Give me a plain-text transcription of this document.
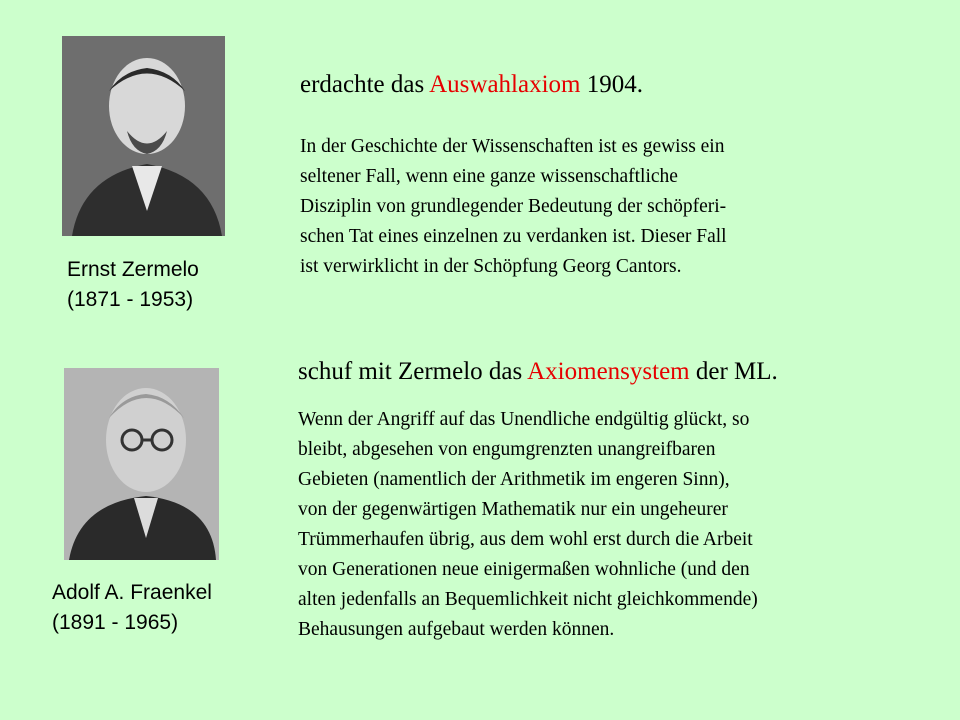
Ernst Zermelo
(1871 - 1953)
erdachte das Auswahlaxiom 1904.
In der Geschichte der Wissenschaften ist es gewiss ein
seltener Fall, wenn eine ganze wissenschaftliche
Disziplin von grundlegender Bedeutung der schöpferi-
schen Tat eines einzelnen zu verdanken ist. Dieser Fall
ist verwirklicht in der Schöpfung Georg Cantors.
Adolf A. Fraenkel
(1891 - 1965)
schuf mit Zermelo das Axiomensystem der ML.
Wenn der Angriff auf das Unendliche endgültig glückt, so
bleibt, abgesehen von engumgrenzten unangreifbaren
Gebieten (namentlich der Arithmetik im engeren Sinn),
von der gegenwärtigen Mathematik nur ein ungeheurer
Trümmerhaufen übrig, aus dem wohl erst durch die Arbeit
von Generationen neue einigermaßen wohnliche (und den
alten jedenfalls an Bequemlichkeit nicht gleichkommende)
Behausungen aufgebaut werden können.
